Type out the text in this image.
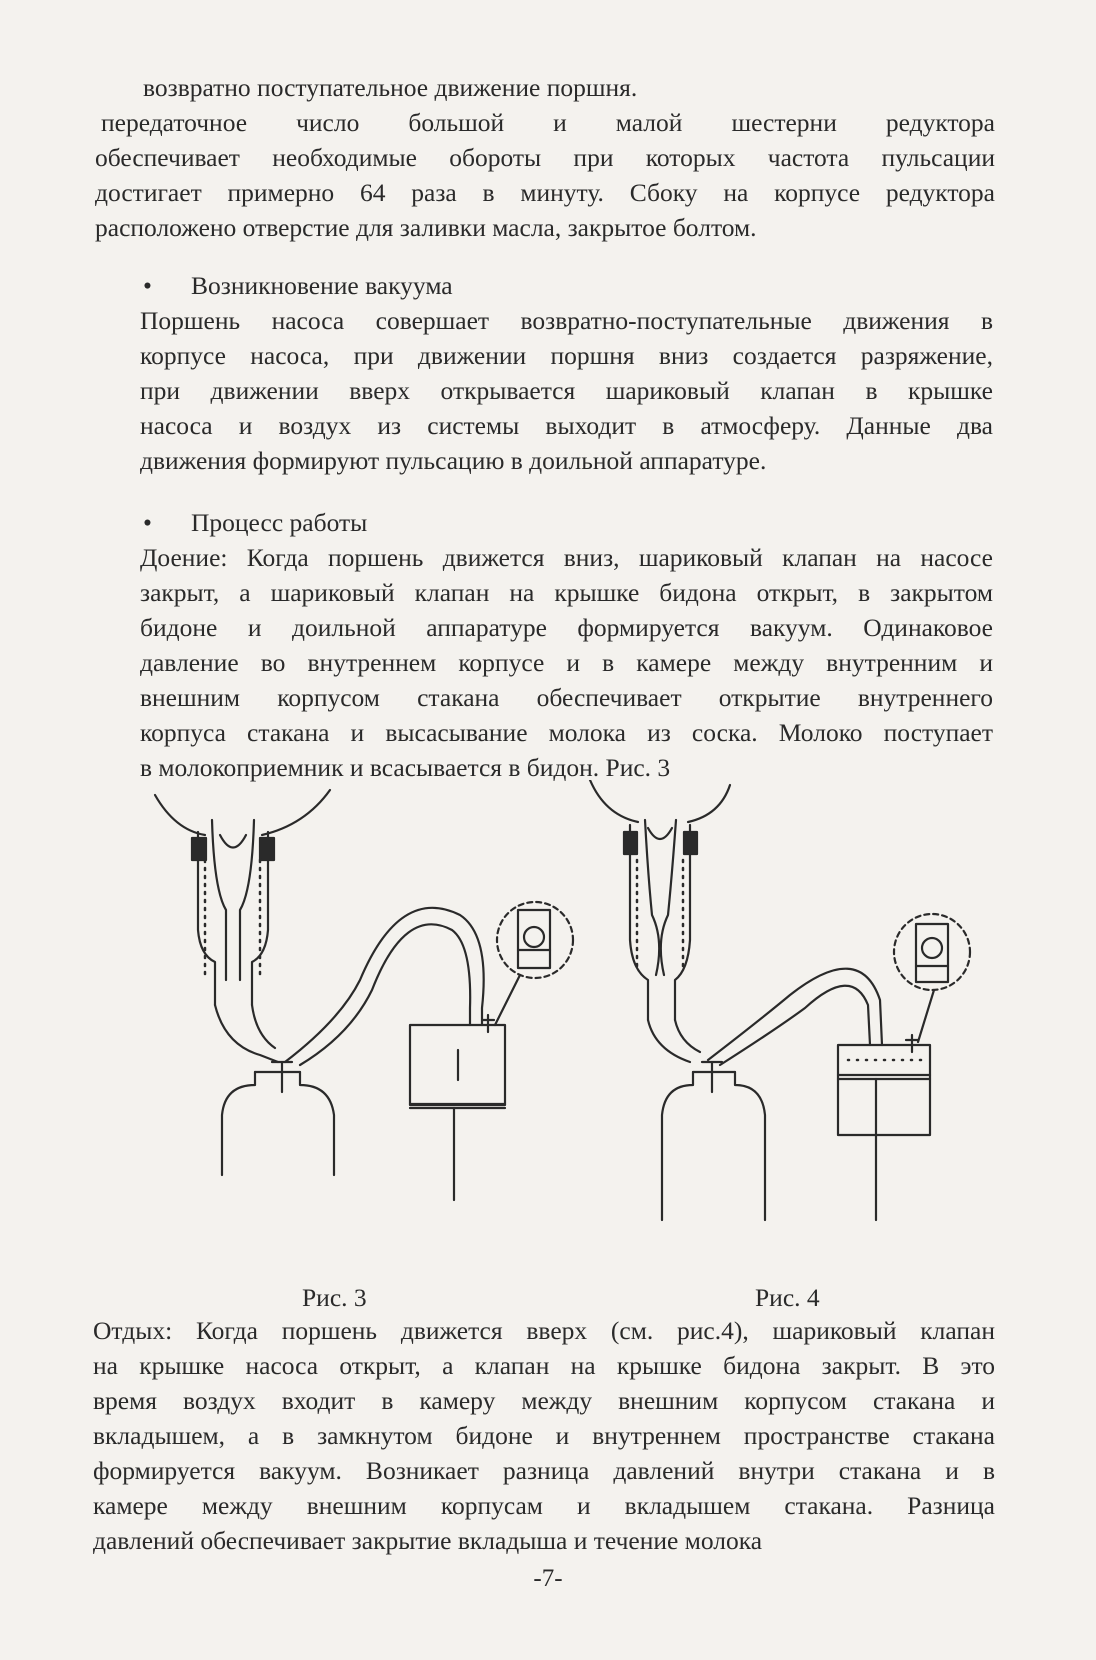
возвратно поступательное движение поршня.

передаточное число большой и малой шестерни редуктора

обеспечивает необходимые обороты при которых частота пульсации

достигает примерно 64 раза в минуту. Сбоку на корпусе редуктора

расположено отверстие для заливки масла, закрытое болтом.

• Возникновение вакуума

Поршень насоса совершает возвратно-поступательные движения в

корпусе насоса, при движении поршня вниз создается разряжение,

при движении вверх открывается шариковый клапан в крышке

насоса и воздух из системы выходит в атмосферу. Данные два

движения формируют пульсацию в доильной аппаратуре.

• Процесс работы

Доение: Когда поршень движется вниз, шариковый клапан на насосе

закрыт, а шариковый клапан на крышке бидона открыт, в закрытом

бидоне и доильной аппаратуре формируется вакуум. Одинаковое

давление во внутреннем корпусе и в камере между внутренним и

внешним корпусом стакана обеспечивает открытие внутреннего

корпуса стакана и высасывание молока из соска. Молоко поступает

в молокоприемник и всасывается в бидон. Рис. 3

Рис. 3	Рис. 4

Отдых: Когда поршень движется вверх (см. рис.4), шариковый клапан

на крышке насоса открыт, а клапан на крышке бидона закрыт. В это

время воздух входит в камеру между внешним корпусом стакана и

вкладышем, а в замкнутом бидоне и внутреннем пространстве стакана

формируется вакуум. Возникает разница давлений внутри стакана и в

камере между внешним корпусам и вкладышем стакана. Разница

давлений обеспечивает закрытие вкладыша и течение молока

-7-
